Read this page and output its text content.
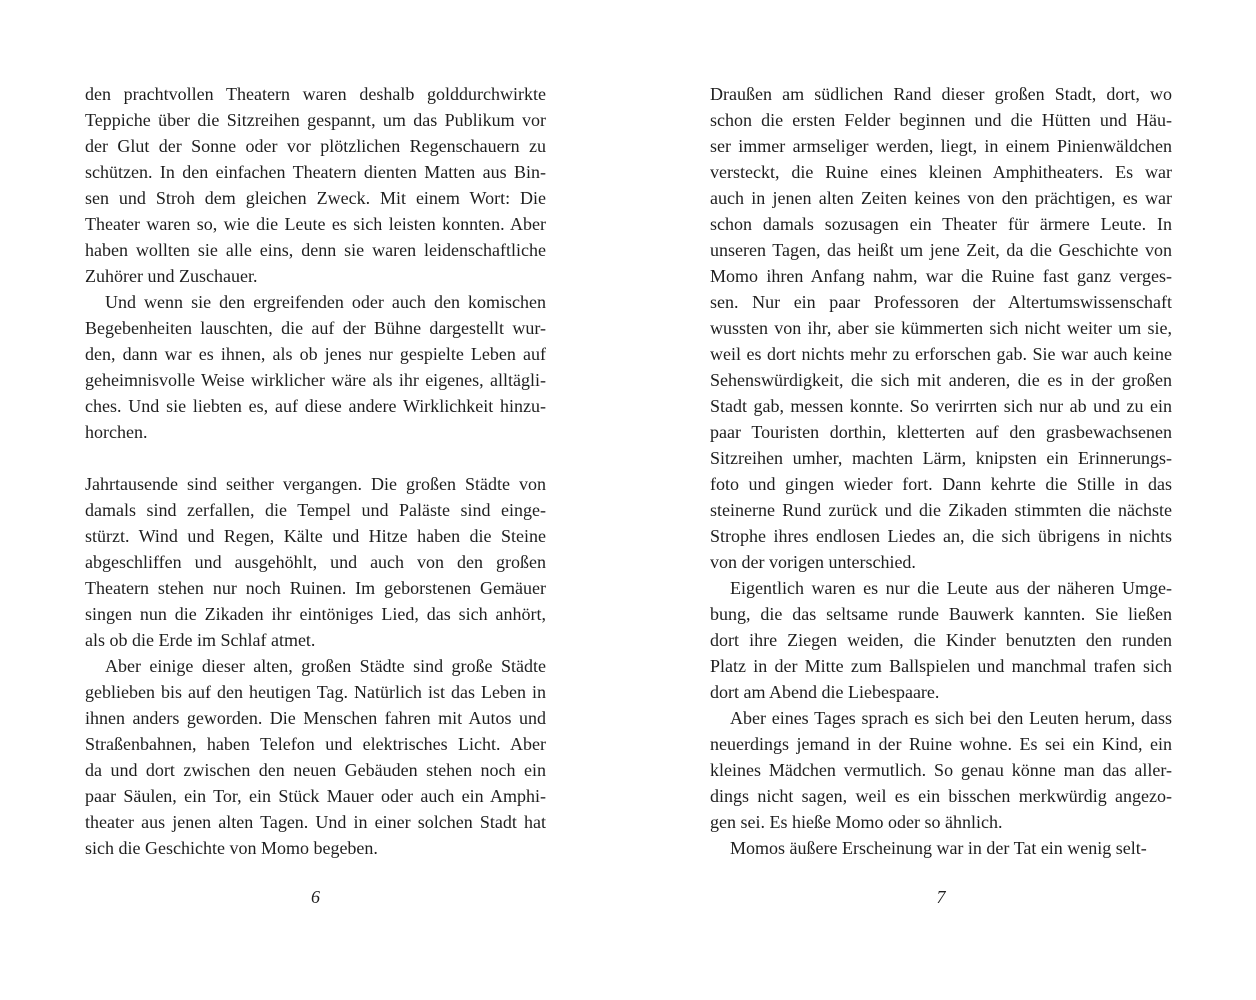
den prachtvollen Theatern waren deshalb golddurchwirkte
Teppiche über die Sitzreihen gespannt, um das Publikum vor
der Glut der Sonne oder vor plötzlichen Regenschauern zu
schützen. In den einfachen Theatern dienten Matten aus Bin-
sen und Stroh dem gleichen Zweck. Mit einem Wort: Die
Theater waren so, wie die Leute es sich leisten konnten. Aber
haben wollten sie alle eins, denn sie waren leidenschaftliche
Zuhörer und Zuschauer.
Und wenn sie den ergreifenden oder auch den komischen
Begebenheiten lauschten, die auf der Bühne dargestellt wur-
den, dann war es ihnen, als ob jenes nur gespielte Leben auf
geheimnisvolle Weise wirklicher wäre als ihr eigenes, alltägli-
ches. Und sie liebten es, auf diese andere Wirklichkeit hinzu-
horchen.
Jahrtausende sind seither vergangen. Die großen Städte von
damals sind zerfallen, die Tempel und Paläste sind einge-
stürzt. Wind und Regen, Kälte und Hitze haben die Steine
abgeschliffen und ausgehöhlt, und auch von den großen
Theatern stehen nur noch Ruinen. Im geborstenen Gemäuer
singen nun die Zikaden ihr eintöniges Lied, das sich anhört,
als ob die Erde im Schlaf atmet.
Aber einige dieser alten, großen Städte sind große Städte
geblieben bis auf den heutigen Tag. Natürlich ist das Leben in
ihnen anders geworden. Die Menschen fahren mit Autos und
Straßenbahnen, haben Telefon und elektrisches Licht. Aber
da und dort zwischen den neuen Gebäuden stehen noch ein
paar Säulen, ein Tor, ein Stück Mauer oder auch ein Amphi-
theater aus jenen alten Tagen. Und in einer solchen Stadt hat
sich die Geschichte von Momo begeben.
6
Draußen am südlichen Rand dieser großen Stadt, dort, wo
schon die ersten Felder beginnen und die Hütten und Häu-
ser immer armseliger werden, liegt, in einem Pinienwäldchen
versteckt, die Ruine eines kleinen Amphitheaters. Es war
auch in jenen alten Zeiten keines von den prächtigen, es war
schon damals sozusagen ein Theater für ärmere Leute. In
unseren Tagen, das heißt um jene Zeit, da die Geschichte von
Momo ihren Anfang nahm, war die Ruine fast ganz verges-
sen. Nur ein paar Professoren der Altertumswissenschaft
wussten von ihr, aber sie kümmerten sich nicht weiter um sie,
weil es dort nichts mehr zu erforschen gab. Sie war auch keine
Sehenswürdigkeit, die sich mit anderen, die es in der großen
Stadt gab, messen konnte. So verirrten sich nur ab und zu ein
paar Touristen dorthin, kletterten auf den grasbewachsenen
Sitzreihen umher, machten Lärm, knipsten ein Erinnerungs-
foto und gingen wieder fort. Dann kehrte die Stille in das
steinerne Rund zurück und die Zikaden stimmten die nächste
Strophe ihres endlosen Liedes an, die sich übrigens in nichts
von der vorigen unterschied.
Eigentlich waren es nur die Leute aus der näheren Umge-
bung, die das seltsame runde Bauwerk kannten. Sie ließen
dort ihre Ziegen weiden, die Kinder benutzten den runden
Platz in der Mitte zum Ballspielen und manchmal trafen sich
dort am Abend die Liebespaare.
Aber eines Tages sprach es sich bei den Leuten herum, dass
neuerdings jemand in der Ruine wohne. Es sei ein Kind, ein
kleines Mädchen vermutlich. So genau könne man das aller-
dings nicht sagen, weil es ein bisschen merkwürdig angezo-
gen sei. Es hieße Momo oder so ähnlich.
Momos äußere Erscheinung war in der Tat ein wenig selt-
7
